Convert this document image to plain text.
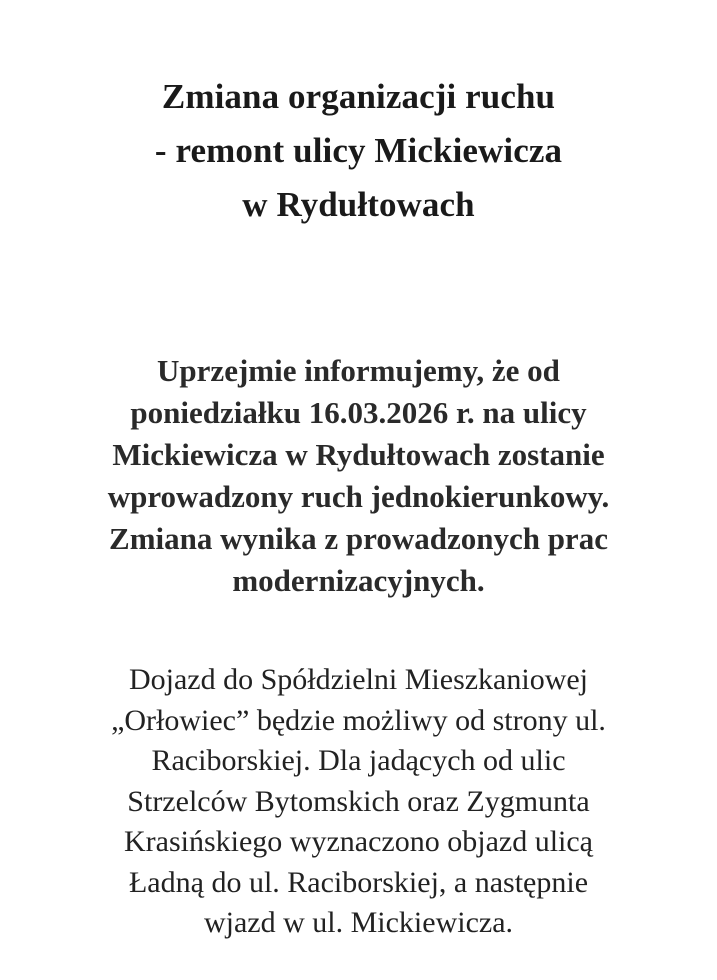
Zmiana organizacji ruchu
- remont ulicy Mickiewicza
w Rydułtowach

Uprzejmie informujemy, że od
poniedziałku 16.03.2026 r. na ulicy
Mickiewicza w Rydułtowach zostanie
wprowadzony ruch jednokierunkowy.
Zmiana wynika z prowadzonych prac
modernizacyjnych.

Dojazd do Spółdzielni Mieszkaniowej
„Orłowiec” będzie możliwy od strony ul.
Raciborskiej. Dla jadących od ulic
Strzelców Bytomskich oraz Zygmunta
Krasińskiego wyznaczono objazd ulicą
Ładną do ul. Raciborskiej, a następnie
wjazd w ul. Mickiewicza.
